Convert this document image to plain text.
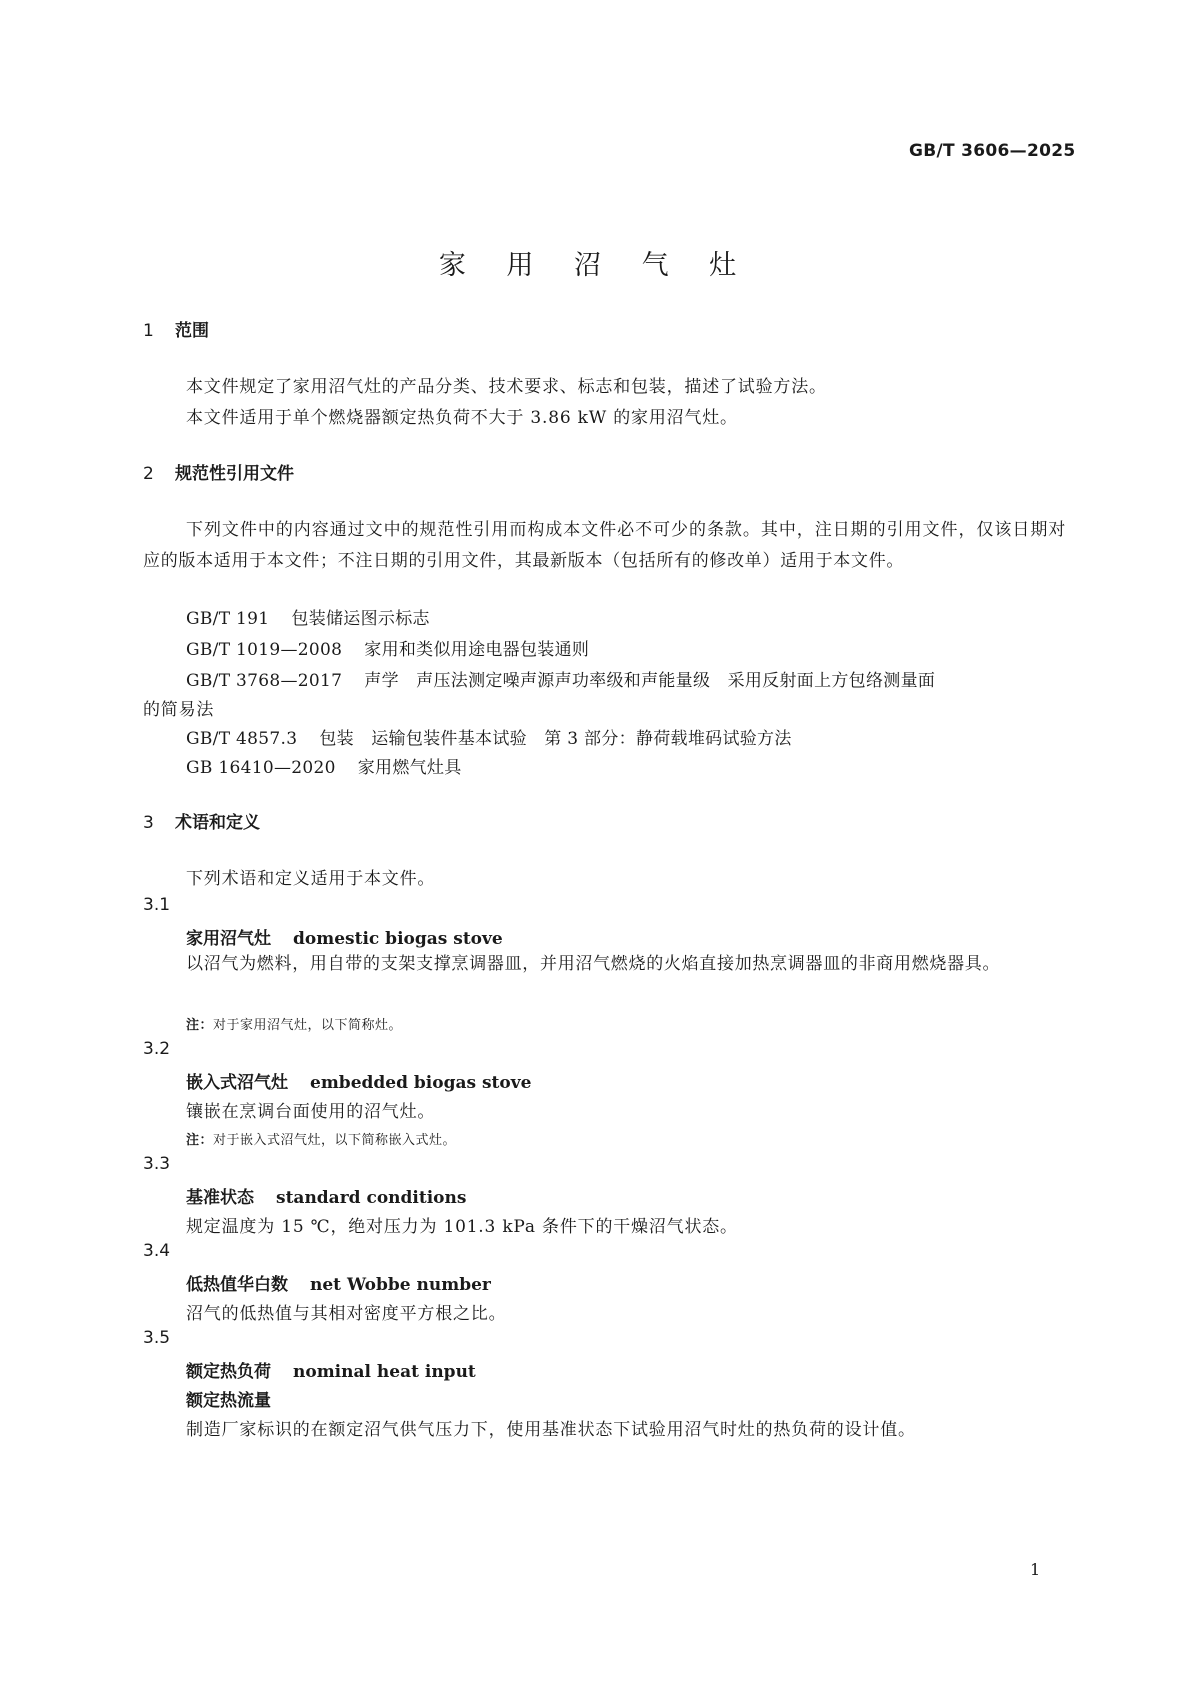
GB/T 3606—2025
家 用 沼 气 灶
1 范围
本文件规定了家用沼气灶的产品分类、技术要求、标志和包装，描述了试验方法。
本文件适用于单个燃烧器额定热负荷不大于 3.86 kW 的家用沼气灶。
2 规范性引用文件
下列文件中的内容通过文中的规范性引用而构成本文件必不可少的条款。其中，注日期的引用文件，仅该日期对应的版本适用于本文件；不注日期的引用文件，其最新版本（包括所有的修改单）适用于本文件。
GB/T 191 包装储运图示标志
GB/T 1019—2008 家用和类似用途电器包装通则
GB/T 3768—2017 声学　声压法测定噪声源声功率级和声能量级　采用反射面上方包络测量面
的简易法
GB/T 4857.3 包装　运输包装件基本试验　第 3 部分：静荷载堆码试验方法
GB 16410—2020 家用燃气灶具
3 术语和定义
下列术语和定义适用于本文件。
3.1
家用沼气灶 domestic biogas stove
以沼气为燃料，用自带的支架支撑烹调器皿，并用沼气燃烧的火焰直接加热烹调器皿的非商用燃烧器具。
注：对于家用沼气灶，以下简称灶。
3.2
嵌入式沼气灶 embedded biogas stove
镶嵌在烹调台面使用的沼气灶。
注：对于嵌入式沼气灶，以下简称嵌入式灶。
3.3
基准状态 standard conditions
规定温度为 15 ℃，绝对压力为 101.3 kPa 条件下的干燥沼气状态。
3.4
低热值华白数 net Wobbe number
沼气的低热值与其相对密度平方根之比。
3.5
额定热负荷 nominal heat input
额定热流量
制造厂家标识的在额定沼气供气压力下，使用基准状态下试验用沼气时灶的热负荷的设计值。
1
